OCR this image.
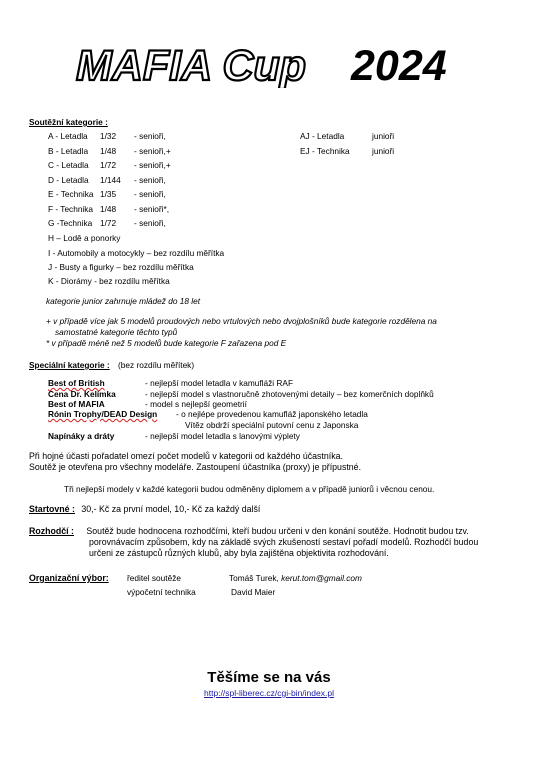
MAFIA Cup 2024
Soutěžní kategorie :
A - Letadla 1/32 - senioři,
B - Letadla 1/48 - senioři,+
C - Letadla 1/72 - senioři,+
D - Letadla 1/144 - senioři,
E - Technika 1/35 - senioři,
F - Technika 1/48 - senioři*,
G -Technika 1/72 - senioři,
AJ - Letadla	junioři
EJ - Technika	junioři
H – Lodě a ponorky
I - Automobily a motocykly – bez rozdílu měřítka
J - Busty a figurky – bez rozdílu měřítka
K - Diorámy - bez rozdílu měřítka
kategorie junior zahrnuje mládež do 18 let
+ v případě více jak 5 modelů proudových nebo vrtulových nebo dvojplošníků bude kategorie rozdělena na
samostatné kategorie těchto typů
* v případě méně než 5 modelů bude kategorie F zařazena pod E
Speciální kategorie : (bez rozdílu měřítek)
Best of British	- nejlepší model letadla v kamufláži RAF
Cena Dr. Kelímka	- nejlepší model s vlastnoručně zhotovenými detaily – bez komerčních doplňků
Best of MAFIA	- model s nejlepší geometrií
Rónin Trophy/DEAD Design - o nejlépe provedenou kamufláž japonského letadla
Vítěz obdrží speciální putovní cenu z Japonska
Napínáky a dráty	- nejlepší model letadla s lanovými výplety
Při hojné účasti pořadatel omezí počet modelů v kategorii od každého účastníka.
Soutěž je otevřena pro všechny modeláře. Zastoupení účastníka (proxy) je přípustné.
Tři nejlepší modely v každé kategorii budou odměněny diplomem a v případě juniorů i věcnou cenou.
Startovné : 30,- Kč za první model, 10,- Kč za každý další
Rozhodčí : Soutěž bude hodnocena rozhodčími, kteří budou určeni v den konání soutěže. Hodnotit budou tzv.
porovnávacím způsobem, kdy na základě svých zkušeností sestaví pořadí modelů. Rozhodčí budou
určeni ze zástupců různých klubů, aby byla zajištěna objektivita rozhodování.
Organizační výbor: ředitel soutěže	Tomáš Turek, kerut.tom@gmail.com
výpočetní technika	David Maier
Těšíme se na vás
http://spl-liberec.cz/cgi-bin/index.pl
